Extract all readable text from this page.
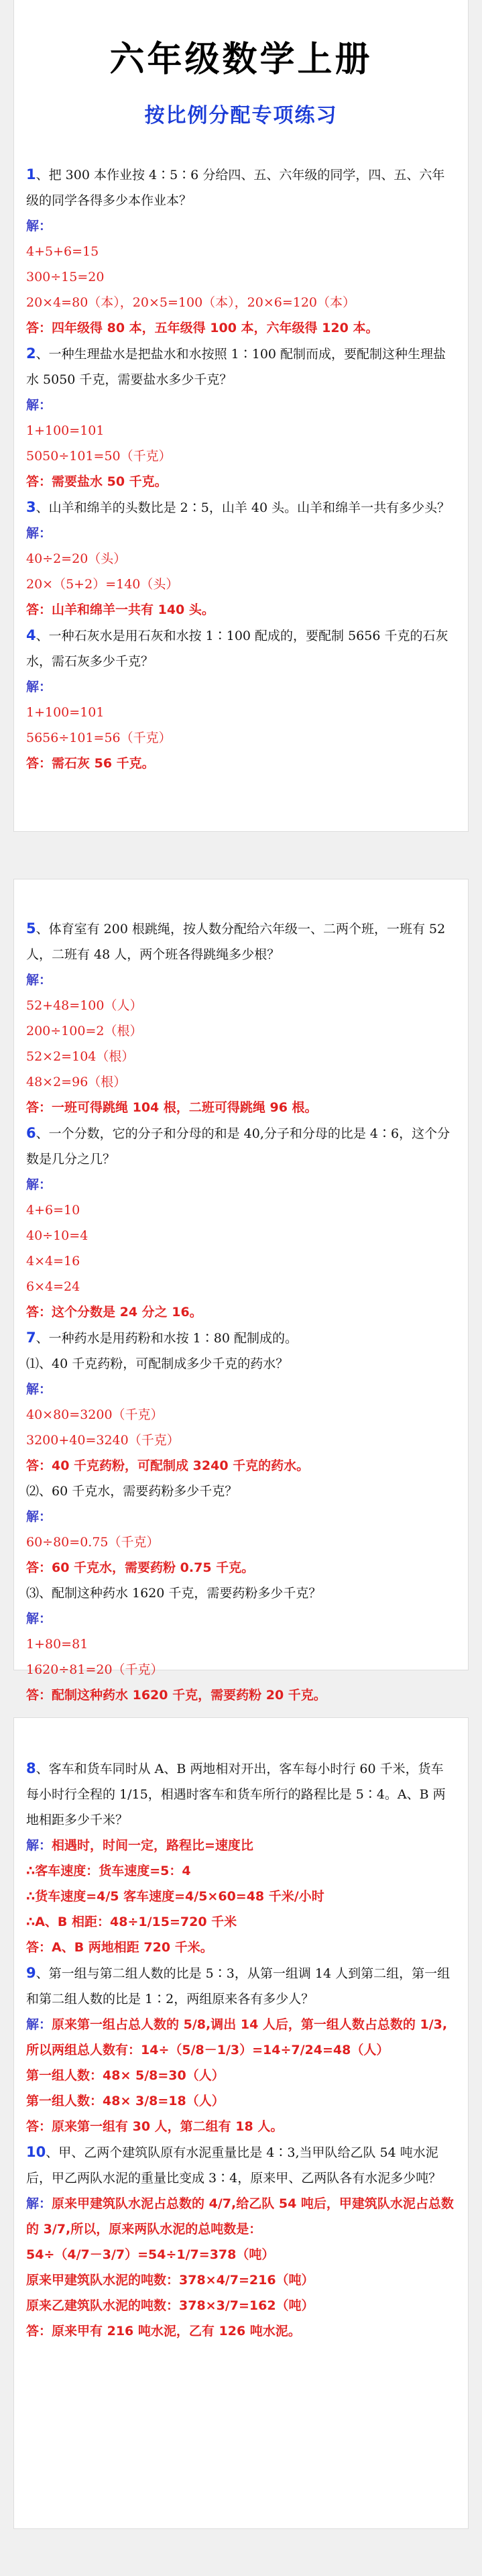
六年级数学上册
按比例分配专项练习

1、把 300 本作业按 4∶5∶6 分给四、五、六年级的同学，四、五、六年级的同学各得多少本作业本？

解：

4+5+6=15

300÷15=20

20×4=80（本），20×5=100（本），20×6=120（本）

答：四年级得 80 本，五年级得 100 本，六年级得 120 本。

2、一种生理盐水是把盐水和水按照 1∶100 配制而成，要配制这种生理盐水 5050 千克，需要盐水多少千克？

解：

1+100=101

5050÷101=50（千克）

答：需要盐水 50 千克。

3、山羊和绵羊的头数比是 2∶5，山羊 40 头。山羊和绵羊一共有多少头？

解：

40÷2=20（头）

20×（5+2）=140（头）

答：山羊和绵羊一共有 140 头。

4、一种石灰水是用石灰和水按 1∶100 配成的，要配制 5656 千克的石灰水，需石灰多少千克？

解：

1+100=101

5656÷101=56（千克）

答：需石灰 56 千克。

5、体育室有 200 根跳绳，按人数分配给六年级一、二两个班，一班有 52 人，二班有 48 人，两个班各得跳绳多少根？

解：

52+48=100（人）

200÷100=2（根）

52×2=104（根）

48×2=96（根）

答：一班可得跳绳 104 根，二班可得跳绳 96 根。

6、一个分数，它的分子和分母的和是 40,分子和分母的比是 4∶6，这个分数是几分之几？

解：

4+6=10

40÷10=4

4×4=16

6×4=24

答：这个分数是 24 分之 16。

7、一种药水是用药粉和水按 1∶80 配制成的。

⑴、40 千克药粉，可配制成多少千克的药水？

解：

40×80=3200（千克）

3200+40=3240（千克）

答：40 千克药粉，可配制成 3240 千克的药水。

⑵、60 千克水，需要药粉多少千克？

解：

60÷80=0.75（千克）

答：60 千克水，需要药粉 0.75 千克。

⑶、配制这种药水 1620 千克，需要药粉多少千克？

解：

1+80=81

1620÷81=20（千克）

答：配制这种药水 1620 千克，需要药粉 20 千克。

8、客车和货车同时从 A、B 两地相对开出，客车每小时行 60 千米，货车每小时行全程的 1/15，相遇时客车和货车所行的路程比是 5∶4。A、B 两地相距多少千米？

解：相遇时，时间一定，路程比=速度比

∴客车速度：货车速度=5：4

∴货车速度=4/5 客车速度=4/5×60=48 千米/小时

∴A、B 相距：48÷1/15=720 千米

答：A、B 两地相距 720 千米。

9、第一组与第二组人数的比是 5∶3，从第一组调 14 人到第二组，第一组和第二组人数的比是 1∶2，两组原来各有多少人？

解：原来第一组占总人数的 5/8,调出 14 人后，第一组人数占总数的 1/3,

所以两组总人数有：14÷（5/8－1/3）=14÷7/24=48（人）

第一组人数：48× 5/8=30（人）

第一组人数：48× 3/8=18（人）

答：原来第一组有 30 人，第二组有 18 人。

10、甲、乙两个建筑队原有水泥重量比是 4∶3,当甲队给乙队 54 吨水泥后，甲乙两队水泥的重量比变成 3∶4，原来甲、乙两队各有水泥多少吨？

解：原来甲建筑队水泥占总数的 4/7,给乙队 54 吨后，甲建筑队水泥占总数的 3/7,所以，原来两队水泥的总吨数是：

54÷（4/7－3/7）=54÷1/7=378（吨）

原来甲建筑队水泥的吨数：378×4/7=216（吨）

原来乙建筑队水泥的吨数：378×3/7=162（吨）

答：原来甲有 216 吨水泥，乙有 126 吨水泥。
